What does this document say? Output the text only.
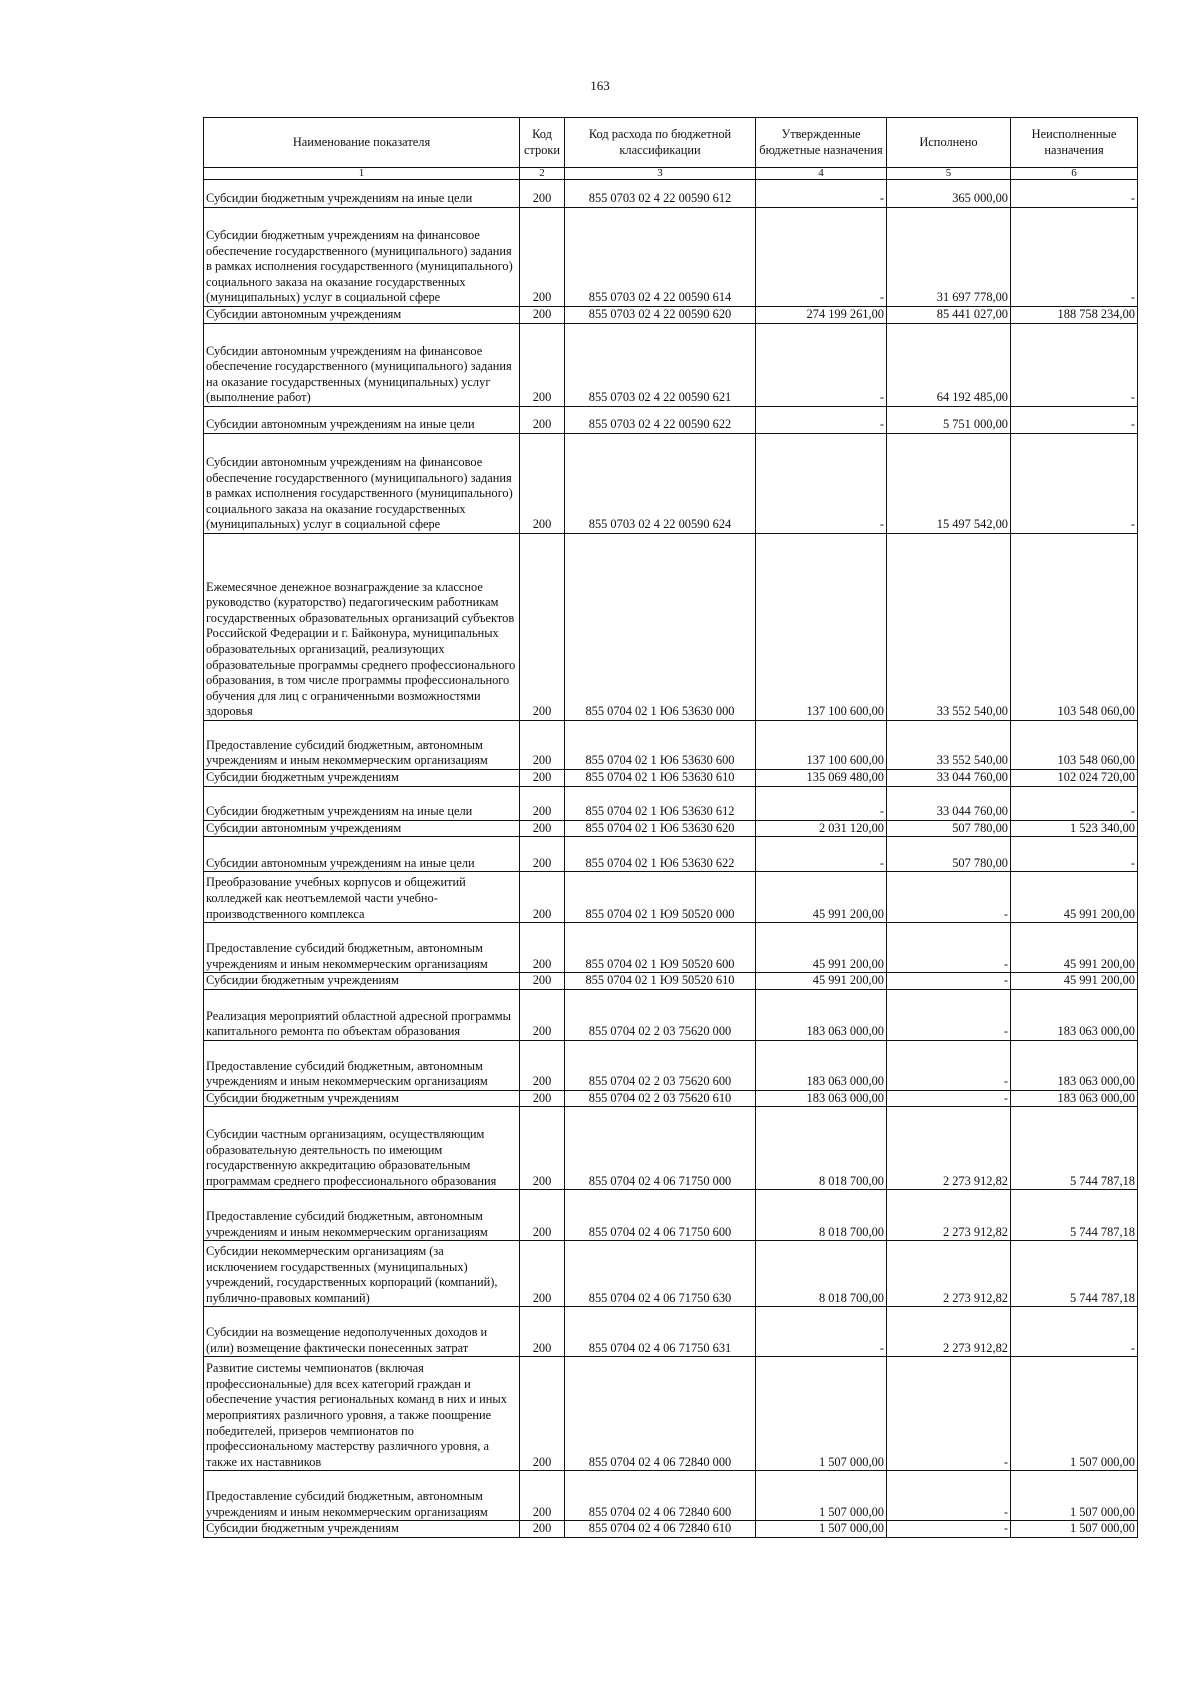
163
Наименование показателя	Код строки	Код расхода по бюджетной классификации	Утвержденные бюджетные назначения	Исполнено	Неисполненные назначения
1	2	3	4	5	6
Субсидии бюджетным учреждениям на иные цели	200	855 0703 02 4 22 00590 612	-	365 000,00	-
Субсидии бюджетным учреждениям на финансовое обеспечение государственного (муниципального) задания в рамках исполнения государственного (муниципального) социального заказа на оказание государственных (муниципальных) услуг в социальной сфере	200	855 0703 02 4 22 00590 614	-	31 697 778,00	-
Субсидии автономным учреждениям	200	855 0703 02 4 22 00590 620	274 199 261,00	85 441 027,00	188 758 234,00
Субсидии автономным учреждениям на финансовое обеспечение государственного (муниципального) задания на оказание государственных (муниципальных) услуг (выполнение работ)	200	855 0703 02 4 22 00590 621	-	64 192 485,00	-
Субсидии автономным учреждениям на иные цели	200	855 0703 02 4 22 00590 622	-	5 751 000,00	-
Субсидии автономным учреждениям на финансовое обеспечение государственного (муниципального) задания в рамках исполнения государственного (муниципального) социального заказа на оказание государственных (муниципальных) услуг в социальной сфере	200	855 0703 02 4 22 00590 624	-	15 497 542,00	-
Ежемесячное денежное вознаграждение за классное руководство (кураторство) педагогическим работникам государственных образовательных организаций субъектов Российской Федерации и г. Байконура, муниципальных образовательных организаций, реализующих образовательные программы среднего профессионального образования, в том числе программы профессионального обучения для лиц с ограниченными возможностями здоровья	200	855 0704 02 1 Ю6 53630 000	137 100 600,00	33 552 540,00	103 548 060,00
Предоставление субсидий бюджетным, автономным учреждениям и иным некоммерческим организациям	200	855 0704 02 1 Ю6 53630 600	137 100 600,00	33 552 540,00	103 548 060,00
Субсидии бюджетным учреждениям	200	855 0704 02 1 Ю6 53630 610	135 069 480,00	33 044 760,00	102 024 720,00
Субсидии бюджетным учреждениям на иные цели	200	855 0704 02 1 Ю6 53630 612	-	33 044 760,00	-
Субсидии автономным учреждениям	200	855 0704 02 1 Ю6 53630 620	2 031 120,00	507 780,00	1 523 340,00
Субсидии автономным учреждениям на иные цели	200	855 0704 02 1 Ю6 53630 622	-	507 780,00	-
Преобразование учебных корпусов и общежитий колледжей как неотъемлемой части учебно-производственного комплекса	200	855 0704 02 1 Ю9 50520 000	45 991 200,00	-	45 991 200,00
Предоставление субсидий бюджетным, автономным учреждениям и иным некоммерческим организациям	200	855 0704 02 1 Ю9 50520 600	45 991 200,00	-	45 991 200,00
Субсидии бюджетным учреждениям	200	855 0704 02 1 Ю9 50520 610	45 991 200,00	-	45 991 200,00
Реализация мероприятий областной адресной программы капитального ремонта по объектам образования	200	855 0704 02 2 03 75620 000	183 063 000,00	-	183 063 000,00
Предоставление субсидий бюджетным, автономным учреждениям и иным некоммерческим организациям	200	855 0704 02 2 03 75620 600	183 063 000,00	-	183 063 000,00
Субсидии бюджетным учреждениям	200	855 0704 02 2 03 75620 610	183 063 000,00	-	183 063 000,00
Субсидии частным организациям, осуществляющим образовательную деятельность по имеющим государственную аккредитацию образовательным программам среднего профессионального образования	200	855 0704 02 4 06 71750 000	8 018 700,00	2 273 912,82	5 744 787,18
Предоставление субсидий бюджетным, автономным учреждениям и иным некоммерческим организациям	200	855 0704 02 4 06 71750 600	8 018 700,00	2 273 912,82	5 744 787,18
Субсидии некоммерческим организациям (за исключением государственных (муниципальных) учреждений, государственных корпораций (компаний), публично-правовых компаний)	200	855 0704 02 4 06 71750 630	8 018 700,00	2 273 912,82	5 744 787,18
Субсидии на возмещение недополученных доходов и (или) возмещение фактически понесенных затрат	200	855 0704 02 4 06 71750 631	-	2 273 912,82	-
Развитие системы чемпионатов (включая профессиональные) для всех категорий граждан и обеспечение участия региональных команд в них и иных мероприятиях различного уровня, а также поощрение победителей, призеров чемпионатов по профессиональному мастерству различного уровня, а также их наставников	200	855 0704 02 4 06 72840 000	1 507 000,00	-	1 507 000,00
Предоставление субсидий бюджетным, автономным учреждениям и иным некоммерческим организациям	200	855 0704 02 4 06 72840 600	1 507 000,00	-	1 507 000,00
Субсидии бюджетным учреждениям	200	855 0704 02 4 06 72840 610	1 507 000,00	-	1 507 000,00
